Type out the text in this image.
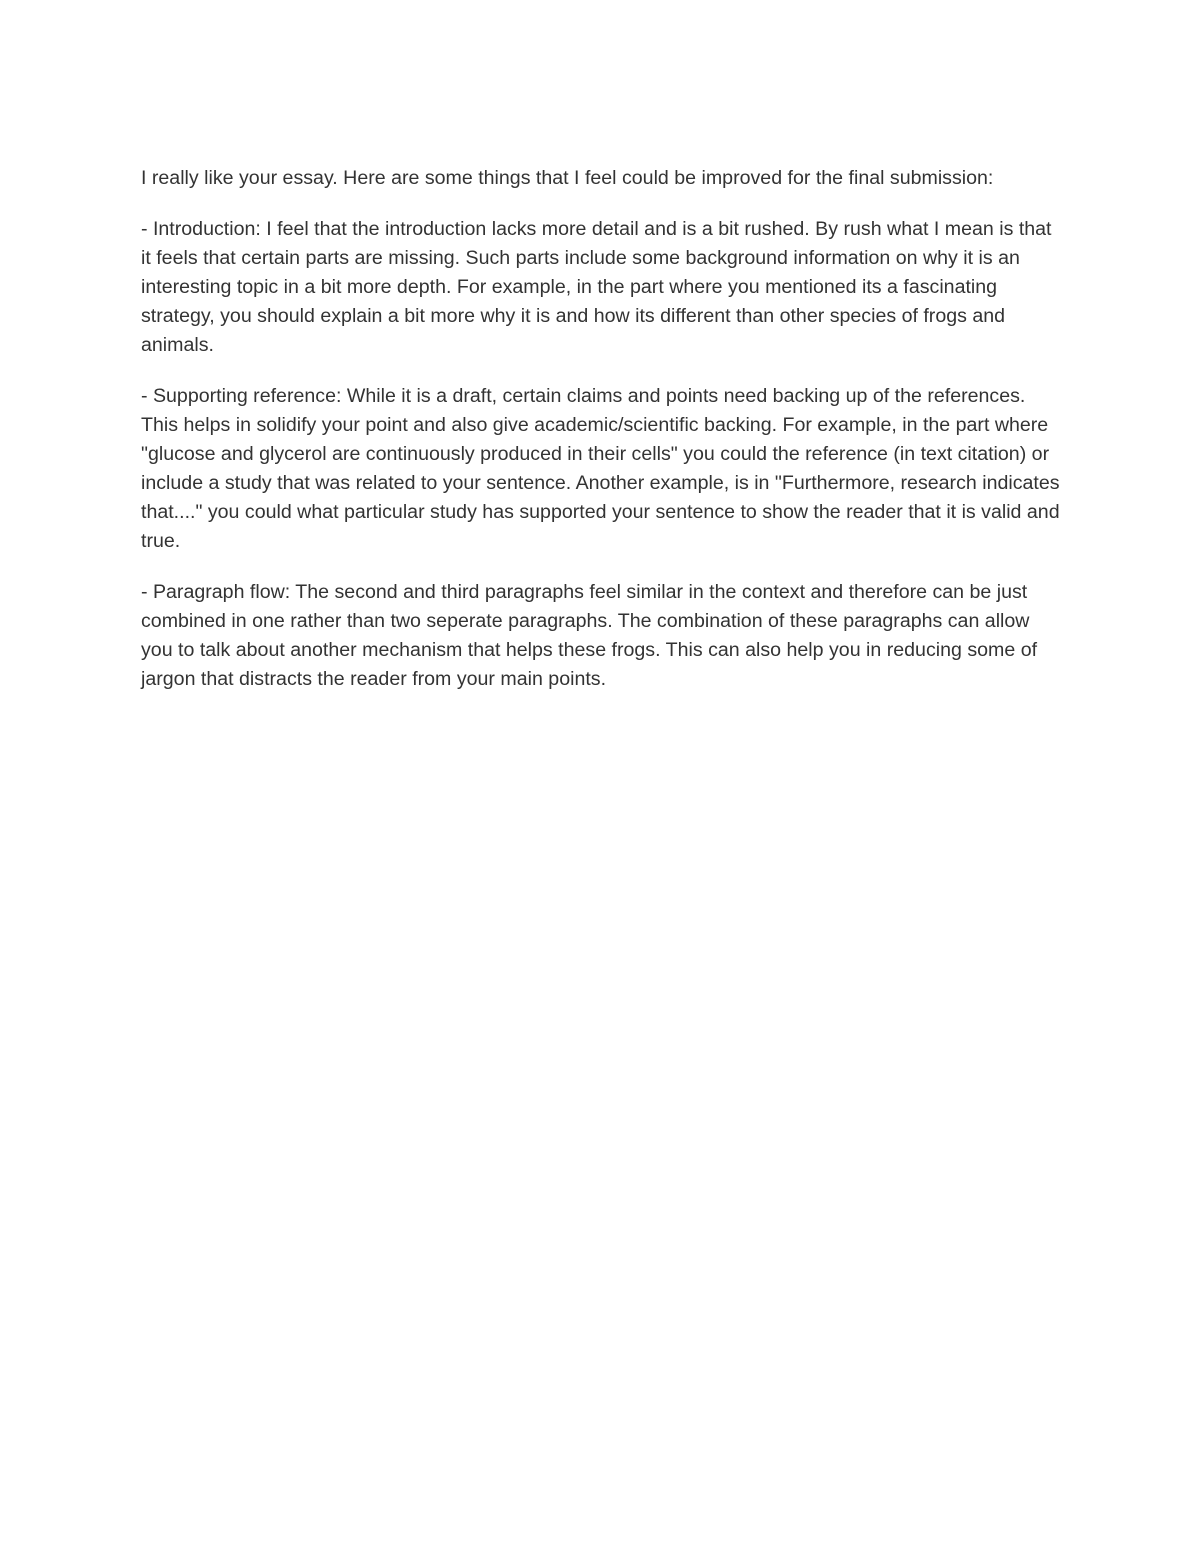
I really like your essay. Here are some things that I feel could be improved for the final submission:

- Introduction: I feel that the introduction lacks more detail and is a bit rushed. By rush what I mean is that it feels that certain parts are missing. Such parts include some background information on why it is an interesting topic in a bit more depth. For example, in the part where you mentioned its a fascinating strategy, you should explain a bit more why it is and how its different than other species of frogs and animals.

- Supporting reference: While it is a draft, certain claims and points need backing up of the references. This helps in solidify your point and also give academic/scientific backing. For example, in the part where "glucose and glycerol are continuously produced in their cells" you could the reference (in text citation) or include a study that was related to your sentence. Another example, is in "Furthermore, research indicates that...." you could what particular study has supported your sentence to show the reader that it is valid and true.

- Paragraph flow: The second and third paragraphs feel similar in the context and therefore can be just combined in one rather than two seperate paragraphs. The combination of these paragraphs can allow you to talk about another mechanism that helps these frogs. This can also help you in reducing some of jargon that distracts the reader from your main points.
